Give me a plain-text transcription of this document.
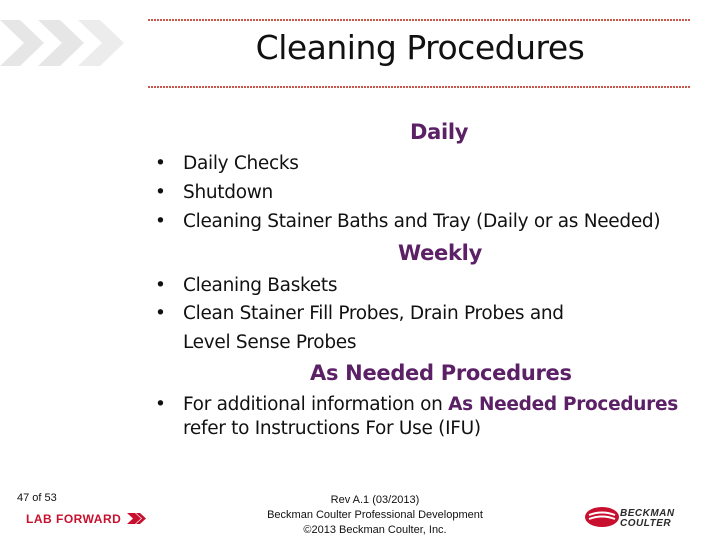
Cleaning Procedures
Daily
• Daily Checks
• Shutdown
• Cleaning Stainer Baths and Tray (Daily or as Needed)
Weekly
• Cleaning Baskets
• Clean Stainer Fill Probes, Drain Probes and
Level Sense Probes
As Needed Procedures
• For additional information on As Needed Procedures
refer to Instructions For Use (IFU)
47 of 53
LAB FORWARD
Rev A.1 (03/2013)
Beckman Coulter Professional Development
©2013 Beckman Coulter, Inc.
BECKMAN
COULTER
